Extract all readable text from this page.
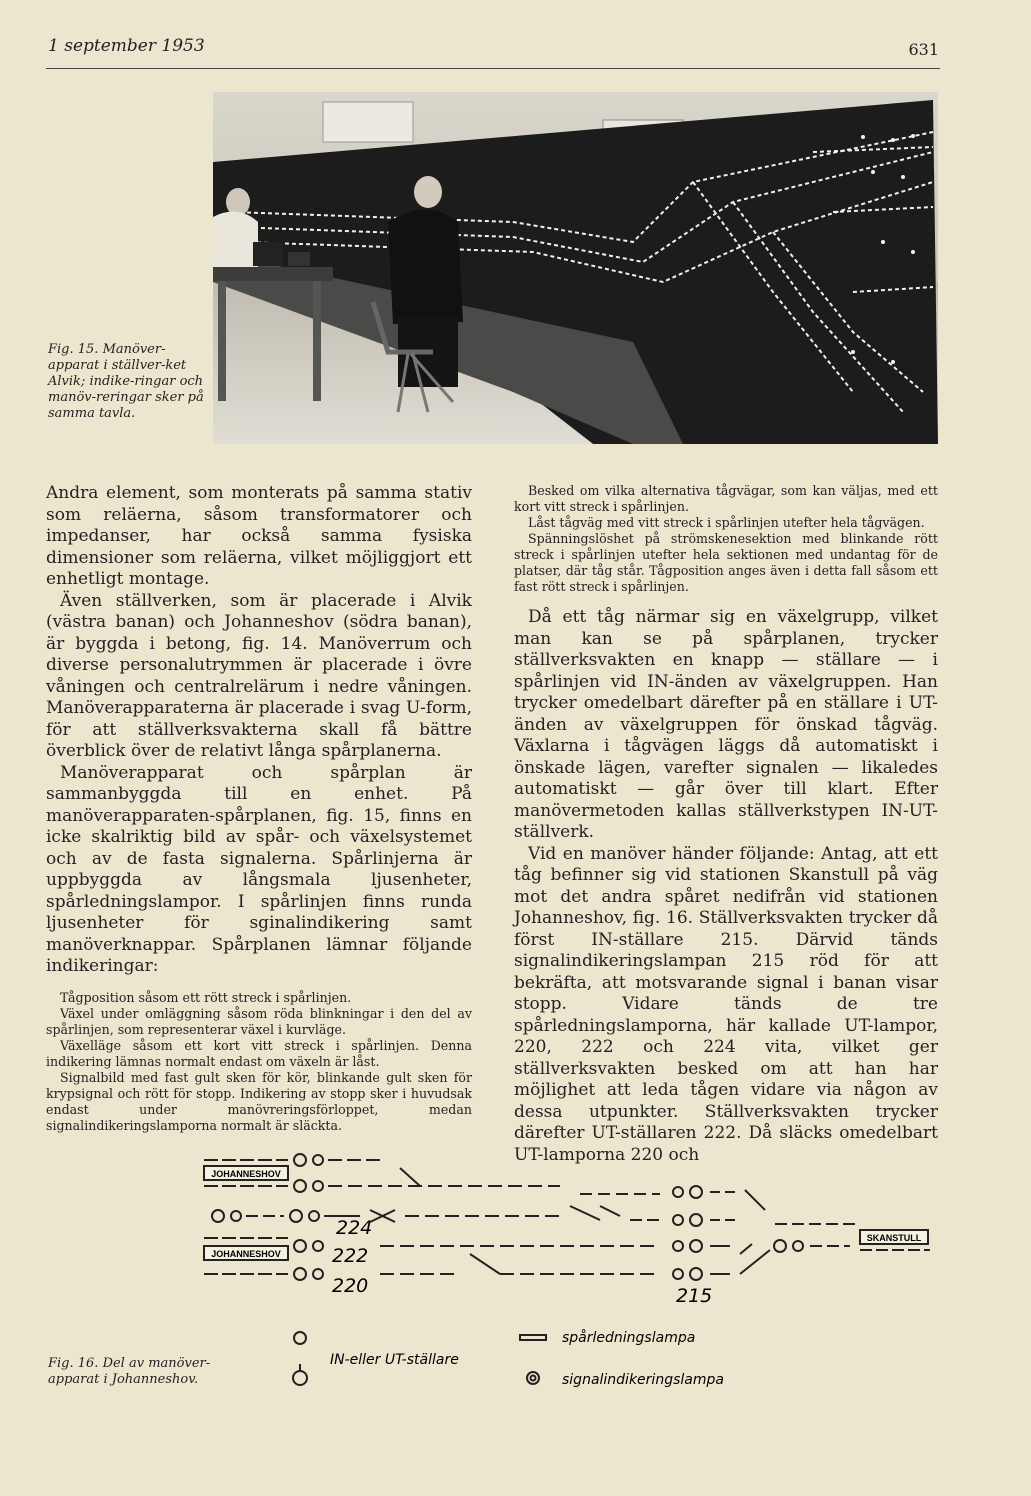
1 september 1953	631
Fig. 15. Manöver-apparat i ställver-ket Alvik; indike-ringar och manöv-reringar sker på samma tavla.

Andra element, som monterats på samma stativ som reläerna, såsom transformatorer och impedanser, har också samma fysiska dimensioner som reläerna, vilket möjliggjort ett enhetligt montage.

Även ställverken, som är placerade i Alvik (västra banan) och Johanneshov (södra banan), är byggda i betong, fig. 14. Manöverrum och diverse personalutrymmen är placerade i övre våningen och centralrelärum i nedre våningen. Manöverapparaterna är placerade i svag U-form, för att ställverksvakterna skall få bättre överblick över de relativt långa spårplanerna.

Manöverapparat och spårplan är sammanbyggda till en enhet. På manöverapparaten-spårplanen, fig. 15, finns en icke skalriktig bild av spår- och växelsystemet och av de fasta signalerna. Spårlinjerna är uppbyggda av långsmala ljusenheter, spårledningslampor. I spårlinjen finns runda ljusenheter för sginalindikering samt manöverknappar. Spårplanen lämnar följande indikeringar:

Tågposition såsom ett rött streck i spårlinjen.

Växel under omläggning såsom röda blinkningar i den del av spårlinjen, som representerar växel i kurvläge.

Växelläge såsom ett kort vitt streck i spårlinjen. Denna indikering lämnas normalt endast om växeln är låst.

Signalbild med fast gult sken för kör, blinkande gult sken för krypsignal och rött för stopp. Indikering av stopp sker i huvudsak endast under manövreringsförloppet, medan signalindikeringslamporna normalt är släckta.

Besked om vilka alternativa tågvägar, som kan väljas, med ett kort vitt streck i spårlinjen.

Låst tågväg med vitt streck i spårlinjen utefter hela tågvägen.

Spänningslöshet på strömskenesektion med blinkande rött streck i spårlinjen utefter hela sektionen med undantag för de platser, där tåg står. Tågposition anges även i detta fall såsom ett fast rött streck i spårlinjen.

Då ett tåg närmar sig en växelgrupp, vilket man kan se på spårplanen, trycker ställverksvakten en knapp — ställare — i spårlinjen vid IN-änden av växelgruppen. Han trycker omedelbart därefter på en ställare i UT-änden av växelgruppen för önskad tågväg. Växlarna i tågvägen läggs då automatiskt i önskade lägen, varefter signalen — likaledes automatiskt — går över till klart. Efter manövermetoden kallas ställverkstypen IN-UT-ställverk.

Vid en manöver händer följande: Antag, att ett tåg befinner sig vid stationen Skanstull på väg mot det andra spåret nedifrån vid stationen Johanneshov, fig. 16. Ställverksvakten trycker då först IN-ställare 215. Därvid tänds signalindikeringslampan 215 röd för att bekräfta, att motsvarande signal i banan visar stopp. Vidare tänds de tre spårledningslamporna, här kallade UT-lampor, 220, 222 och 224 vita, vilket ger ställverksvakten besked om att han har möjlighet att leda tågen vidare via någon av dessa utpunkter. Ställverksvakten trycker därefter UT-ställaren 222. Då släcks omedelbart UT-lamporna 220 och

JOHANNESHOV
JOHANNESHOV
SKANSTULL
224
222
220	215
IN-eller UT-ställare
spårledningslampa
signalindikeringslampa
Fig. 16. Del av manöver-apparat i Johanneshov.
